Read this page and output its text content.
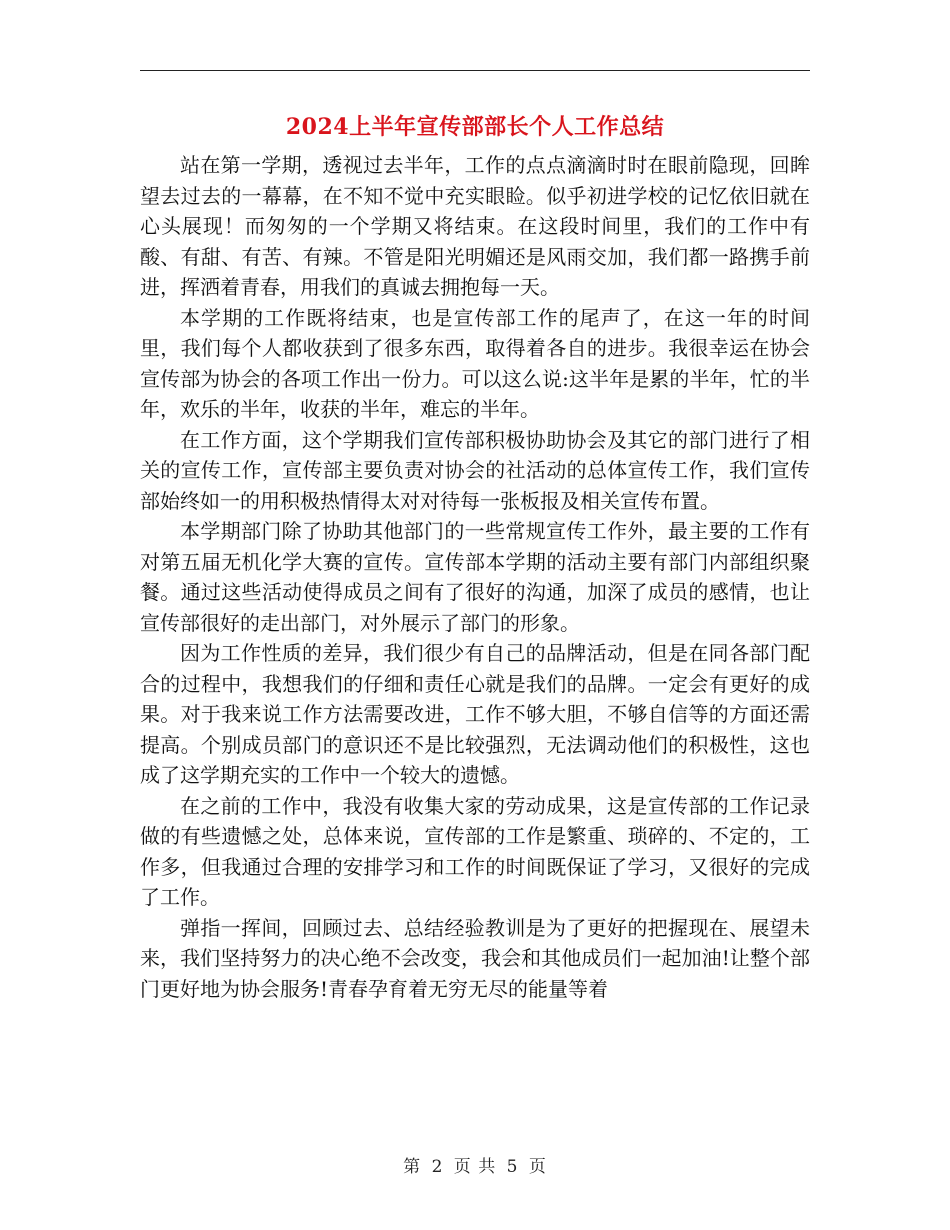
2024上半年宣传部部长个人工作总结

站在第一学期，透视过去半年，工作的点点滴滴时时在眼前隐现，回眸望去过去的一幕幕，在不知不觉中充实眼睑。似乎初进学校的记忆依旧就在心头展现！而匆匆的一个学期又将结束。在这段时间里，我们的工作中有酸、有甜、有苦、有辣。不管是阳光明媚还是风雨交加，我们都一路携手前进，挥洒着青春，用我们的真诚去拥抱每一天。

本学期的工作既将结束，也是宣传部工作的尾声了，在这一年的时间里，我们每个人都收获到了很多东西，取得着各自的进步。我很幸运在协会宣传部为协会的各项工作出一份力。可以这么说:这半年是累的半年，忙的半年，欢乐的半年，收获的半年，难忘的半年。

在工作方面，这个学期我们宣传部积极协助协会及其它的部门进行了相关的宣传工作，宣传部主要负责对协会的社活动的总体宣传工作，我们宣传部始终如一的用积极热情得太对对待每一张板报及相关宣传布置。

本学期部门除了协助其他部门的一些常规宣传工作外，最主要的工作有对第五届无机化学大赛的宣传。宣传部本学期的活动主要有部门内部组织聚餐。通过这些活动使得成员之间有了很好的沟通，加深了成员的感情，也让宣传部很好的走出部门，对外展示了部门的形象。

因为工作性质的差异，我们很少有自己的品牌活动，但是在同各部门配合的过程中，我想我们的仔细和责任心就是我们的品牌。一定会有更好的成果。对于我来说工作方法需要改进，工作不够大胆，不够自信等的方面还需提高。个别成员部门的意识还不是比较强烈，无法调动他们的积极性，这也成了这学期充实的工作中一个较大的遗憾。

在之前的工作中，我没有收集大家的劳动成果，这是宣传部的工作记录做的有些遗憾之处，总体来说，宣传部的工作是繁重、琐碎的、不定的，工作多，但我通过合理的安排学习和工作的时间既保证了学习，又很好的完成了工作。

弹指一挥间，回顾过去、总结经验教训是为了更好的把握现在、展望未来，我们坚持努力的决心绝不会改变，我会和其他成员们一起加油!让整个部门更好地为协会服务!青春孕育着无穷无尽的能量等着

第 2 页 共 5 页
